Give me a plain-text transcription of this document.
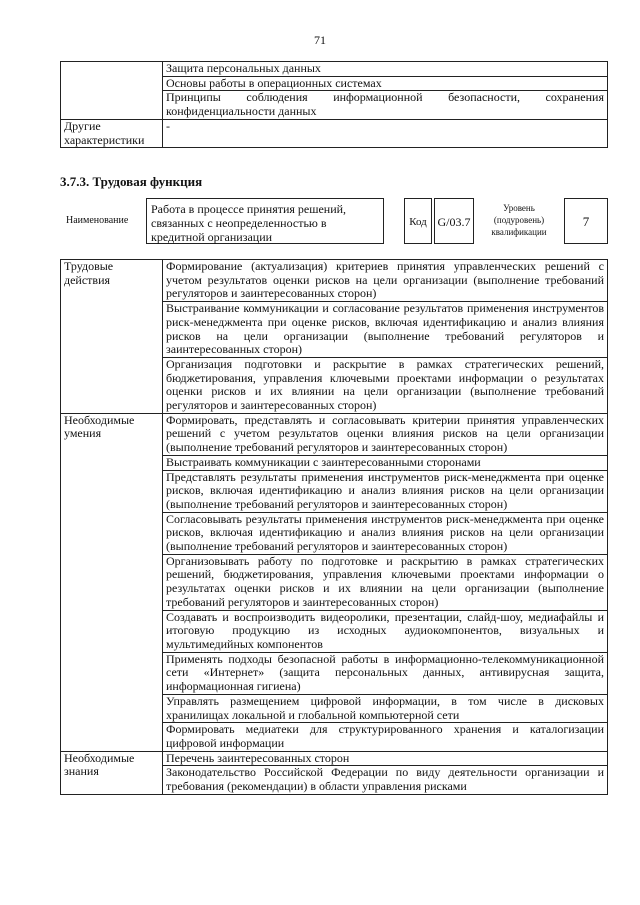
71
	Защита персональных данных
	Основы работы в операционных системах
	Принципы соблюдения информационной безопасности, сохранения конфиденциальности данных
Другие характеристики	-
3.7.3. Трудовая функция
Наименование
Работа в процессе принятия решений, связанных с неопределенностью в кредитной организации
Код G/03.7
Уровень (подуровень) квалификации
7
Трудовые действия	Формирование (актуализация) критериев принятия управленческих решений с учетом результатов оценки рисков на цели организации (выполнение требований регуляторов и заинтересованных сторон)
	Выстраивание коммуникации и согласование результатов применения инструментов риск-менеджмента при оценке рисков, включая идентификацию и анализ влияния рисков на цели организации (выполнение требований регуляторов и заинтересованных сторон)
	Организация подготовки и раскрытие в рамках стратегических решений, бюджетирования, управления ключевыми проектами информации о результатах оценки рисков и их влиянии на цели организации (выполнение требований регуляторов и заинтересованных сторон)
Необходимые умения	Формировать, представлять и согласовывать критерии принятия управленческих решений с учетом результатов оценки влияния рисков на цели организации (выполнение требований регуляторов и заинтересованных сторон)
	Выстраивать коммуникации с заинтересованными сторонами
	Представлять результаты применения инструментов риск-менеджмента при оценке рисков, включая идентификацию и анализ влияния рисков на цели организации (выполнение требований регуляторов и заинтересованных сторон)
	Согласовывать результаты применения инструментов риск-менеджмента при оценке рисков, включая идентификацию и анализ влияния рисков на цели организации (выполнение требований регуляторов и заинтересованных сторон)
	Организовывать работу по подготовке и раскрытию в рамках стратегических решений, бюджетирования, управления ключевыми проектами информации о результатах оценки рисков и их влиянии на цели организации (выполнение требований регуляторов и заинтересованных сторон)
	Создавать и воспроизводить видеоролики, презентации, слайд-шоу, медиафайлы и итоговую продукцию из исходных аудиокомпонентов, визуальных и мультимедийных компонентов
	Применять подходы безопасной работы в информационно-телекоммуникационной сети «Интернет» (защита персональных данных, антивирусная защита, информационная гигиена)
	Управлять размещением цифровой информации, в том числе в дисковых хранилищах локальной и глобальной компьютерной сети
	Формировать медиатеки для структурированного хранения и каталогизации цифровой информации
Необходимые знания	Перечень заинтересованных сторон
	Законодательство Российской Федерации по виду деятельности организации и требования (рекомендации) в области управления рисками
